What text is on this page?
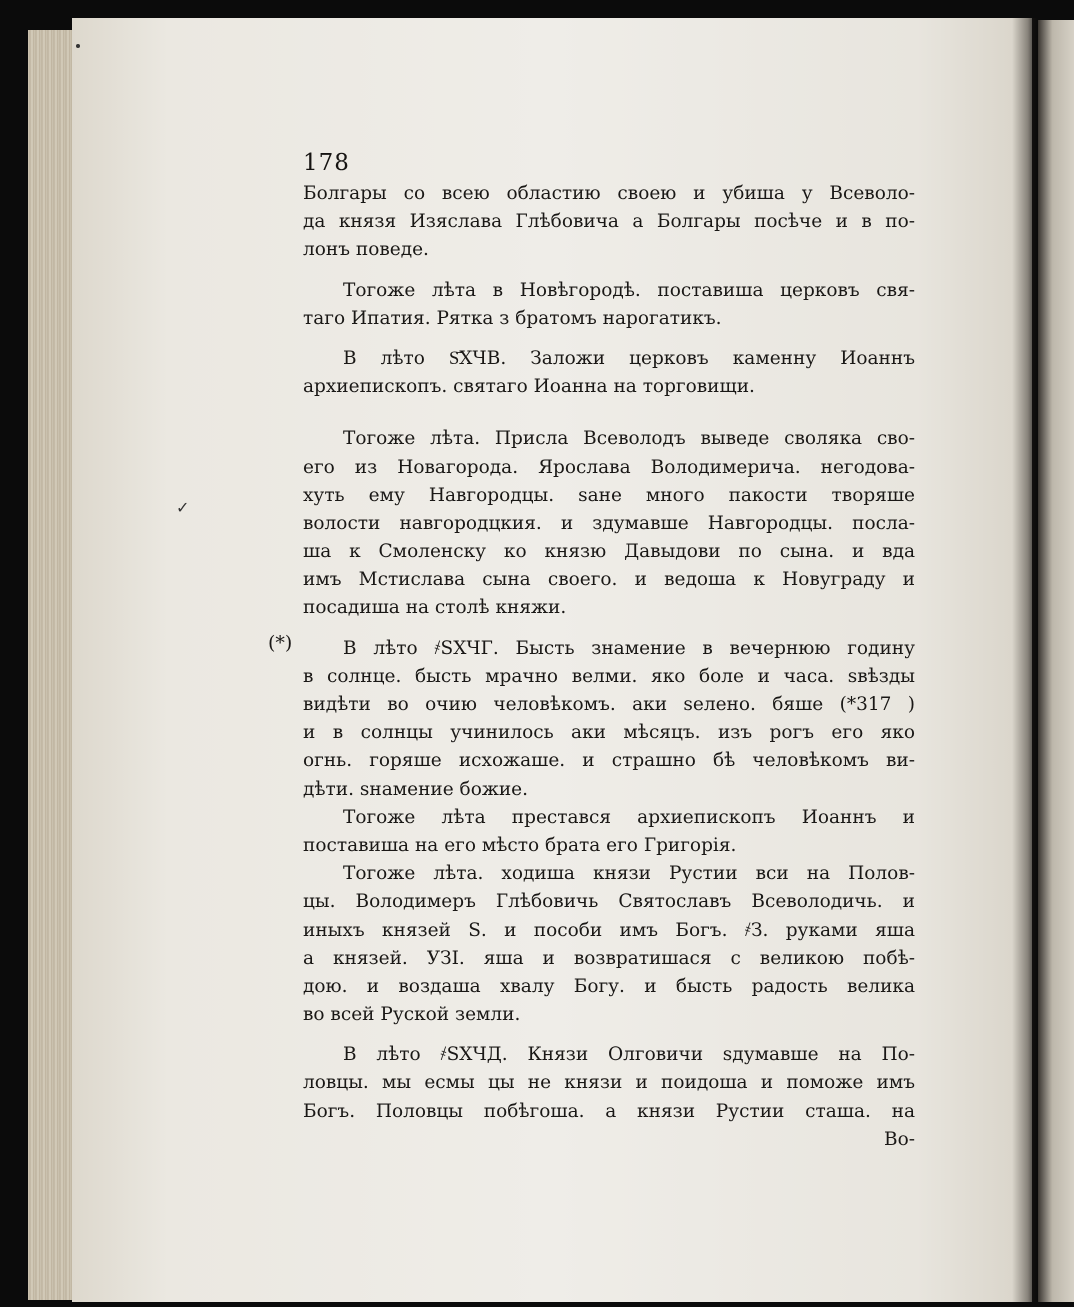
178
✓
(*)
Болгары со всею областию своею и убиша у Всеволо-
да князя Изяслава Глѣбовича а Болгары посѣче и в по-
лонъ поведе.
Тогоже лѣта в Новѣгородѣ. поставиша церковъ свя-
таго Ипатия. Рятка з братомъ нарогатикъ.
В лѣто Ѕ҃ХЧВ. Заложи церковъ каменну Иоаннъ
архиепископъ. святаго Иоанна на торговищи.
Тогоже лѣта. Присла Всеволодъ выведе своляка сво-
его из Новагорода. Ярослава Володимерича. негодова-
хуть ему Навгородцы. ѕане много пакости творяше
волости навгородцкия. и здумавше Навгородцы. посла-
ша к Смоленску ко князю Давыдови по сына. и вда
имъ Мстислава сына своего. и ведоша к Новуграду и
посадиша на столѣ княжи.
В лѣто ҂ЅХЧГ. Бысть знамение в вечернюю годину
в солнце. бысть мрачно велми. яко боле и часа. ѕвѣзды
видѣти во очию человѣкомъ. аки ѕелено. бяше (*317 )
и в солнцы учинилось аки мѣсяцъ. изъ рогъ его яко
огнь. горяше исхожаше. и страшно бѣ человѣкомъ ви-
дѣти. ѕнамение божие.
Тогоже лѣта престався архиепископъ Иоаннъ и
поставиша на его мѣсто брата его Григорія.
Тогоже лѣта. ходиша князи Рустии вси на Полов-
цы. Володимеръ Глѣбовичь Святославъ Всеволодичь. и
иныхъ князей Ѕ. и пособи имъ Богъ. ҂З. руками яша
а князей. УЗІ. яша и возвратишася с великою побѣ-
дою. и воздаша хвалу Богу. и бысть радость велика
во всей Руской земли.
В лѣто ҂ЅХЧД. Князи Олговичи ѕдумавше на По-
ловцы. мы есмы цы не князи и поидоша и поможе имъ
Богъ. Половцы побѣгоша. а князи Рустии сташа. на
Во-
